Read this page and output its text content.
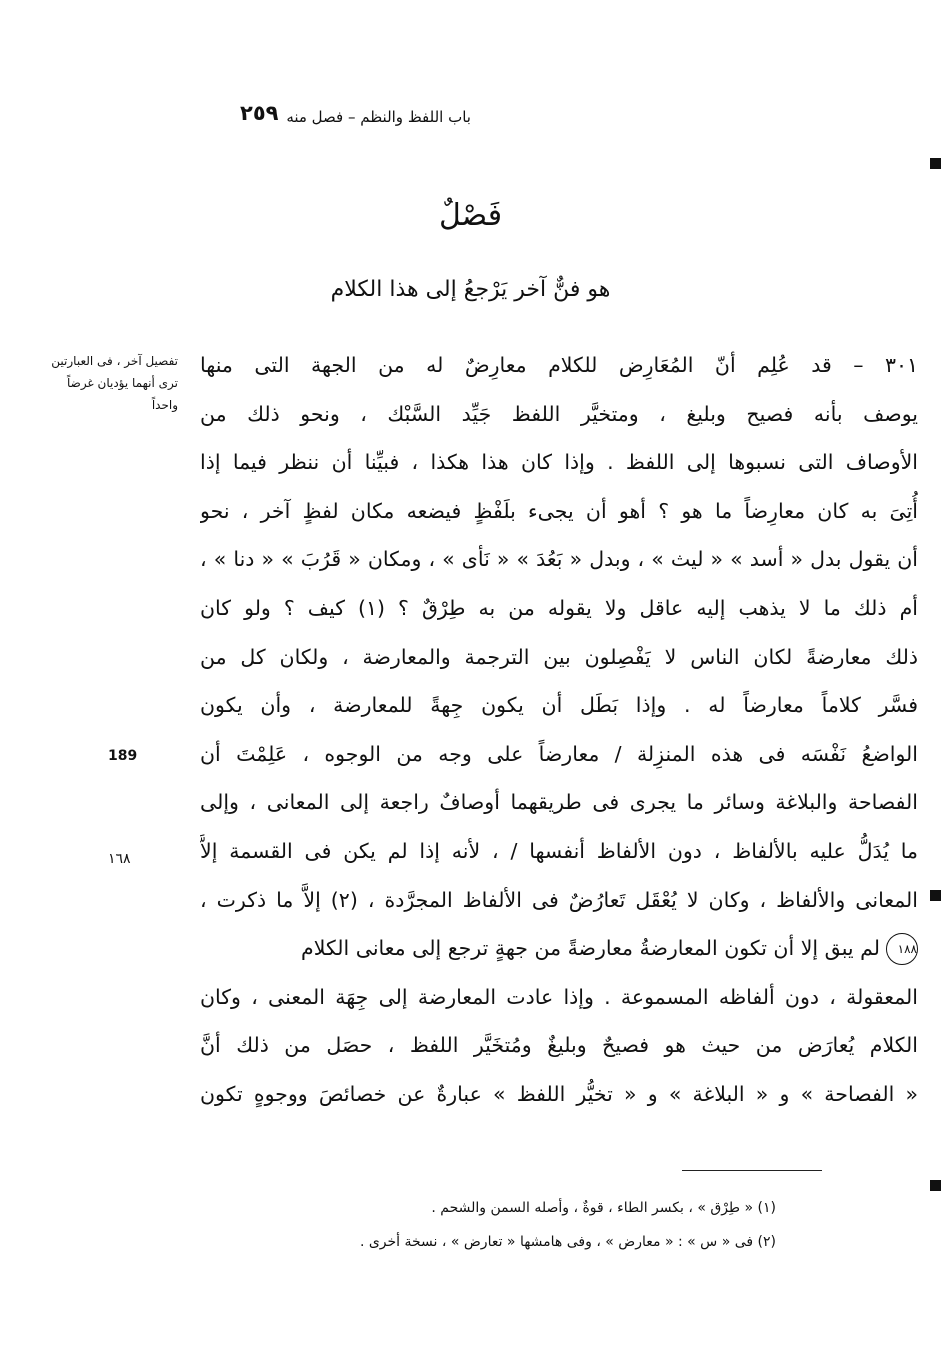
باب اللفظ والنظم – فصل منه
٢٥٩
فَصْلٌ
هو فنٌّ آخر يَرْجعُ إلى هذا الكلام
تفصيل آخر ، فى العبارتين ترى أنهما يؤديان غرضاً واحداً
189
١٦٨
٣٠١ – قد عُلِم أنّ المُعَارِض للكلام معارِضٌ له من الجهة التى منها
يوصف بأنه فصيح وبليغ ، ومتخيَّر اللفظ جَيِّد السَّبْك ، ونحو ذلك من
الأوصاف التى نسبوها إلى اللفظ . وإذا كان هذا هكذا ، فبيِّنا أن ننظر فيما إذا
أُتِىَ به كان معارِضاً ما هو ؟ أهو أن يجىء بلَفْظٍ فيضعه مكان لفظٍ آخر ، نحو
أن يقول بدل « أسد » « ليث » ، وبدل « بَعُدَ » « نَأى » ، ومكان « قَرُبَ » « دنا » ،
أم ذلك ما لا يذهب إليه عاقل ولا يقوله من به طِرْقٌ ؟ (١) كيف ؟ ولو كان
ذلك معارضةً لكان الناس لا يَفْصِلون بين الترجمة والمعارضة ، ولكان كل من
فسَّر كلاماً معارضاً له . وإذا بَطَل أن يكون جِهةً للمعارضة ، وأن يكون
الواضعُ نَفْسَه فى هذه المنزِلة / معارضاً على وجه من الوجوه ، عَلِمْتَ أن
الفصاحة والبلاغة وسائر ما يجرى فى طريقهما أوصافٌ راجعة إلى المعانى ، وإلى
ما يُدَلُّ عليه بالألفاظ ، دون الألفاظ أنفسها / ، لأنه إذا لم يكن فى القسمة إلاَّ
المعانى والألفاظ ، وكان لا يُعْقَل تَعارُضٌ فى الألفاظ المجرَّدة ، (٢) إلاَّ ما ذكرت ،
١٨٨لم يبق إلا أن تكون المعارضةُ معارضةً من جهةٍ ترجع إلى معانى الكلام
المعقولة ، دون ألفاظه المسموعة . وإذا عادت المعارضة إلى جِهَة المعنى ، وكان
الكلام يُعارَض من حيث هو فصيحٌ وبليغٌ ومُتخَيَّر اللفظ ، حصَل من ذلك أنَّ
« الفصاحة » و « البلاغة » و « تخيُّر اللفظ » عبارةٌ عن خصائصَ ووجوهٍ تكون
(١) « طِرْق » ، بكسر الطاء ، قوةٌ ، وأصله السمن والشحم .
(٢) فى « س » : « معارض » ، وفى هامشها « تعارض » ، نسخة أخرى .
